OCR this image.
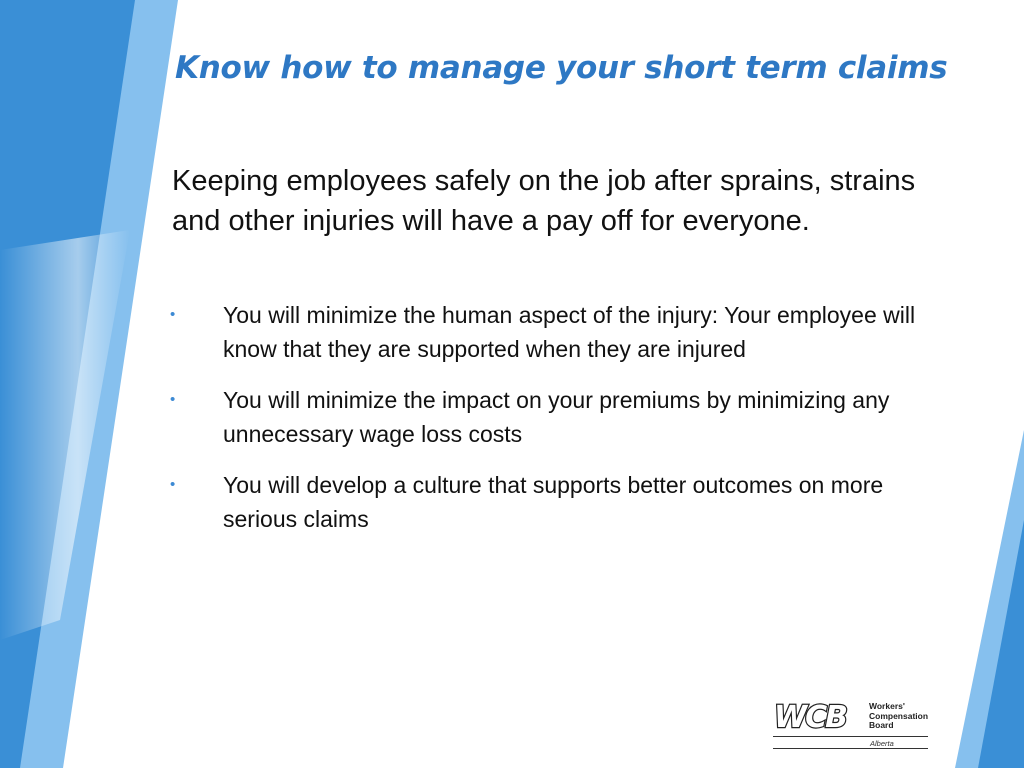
Know how to manage your short term claims
Keeping employees safely on the job after sprains, strains and other injuries will have a pay off for everyone.
• You will minimize the human aspect of the injury: Your employee will know that they are supported when they are injured
• You will minimize the impact on your premiums by minimizing any unnecessary wage loss costs
• You will develop a culture that supports better outcomes on more serious claims
WCB	Workers'
Compensation
Board
Alberta
